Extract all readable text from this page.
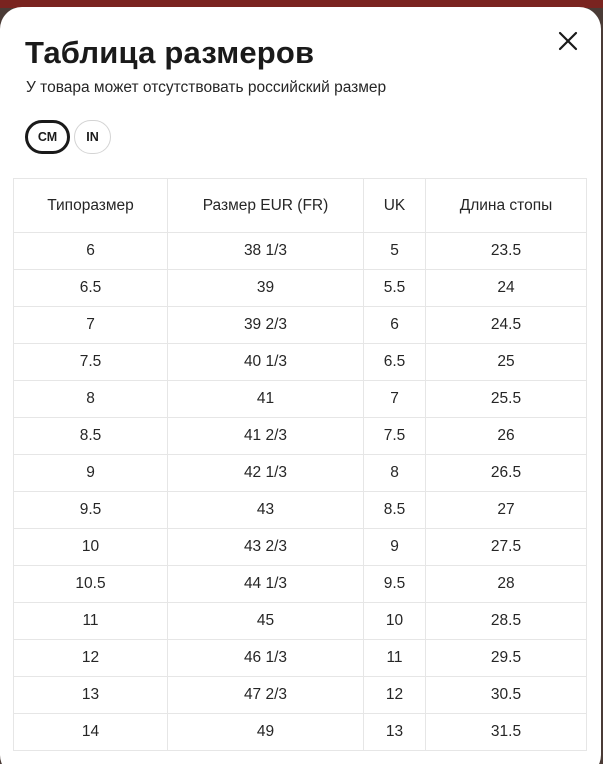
Таблица размеров
У товара может отсутствовать российский размер
СМ	IN
Типоразмер	Размер EUR (FR)	UK	Длина стопы
6	38 1/3	5	23.5
6.5	39	5.5	24
7	39 2/3	6	24.5
7.5	40 1/3	6.5	25
8	41	7	25.5
8.5	41 2/3	7.5	26
9	42 1/3	8	26.5
9.5	43	8.5	27
10	43 2/3	9	27.5
10.5	44 1/3	9.5	28
11	45	10	28.5
12	46 1/3	11	29.5
13	47 2/3	12	30.5
14	49	13	31.5
